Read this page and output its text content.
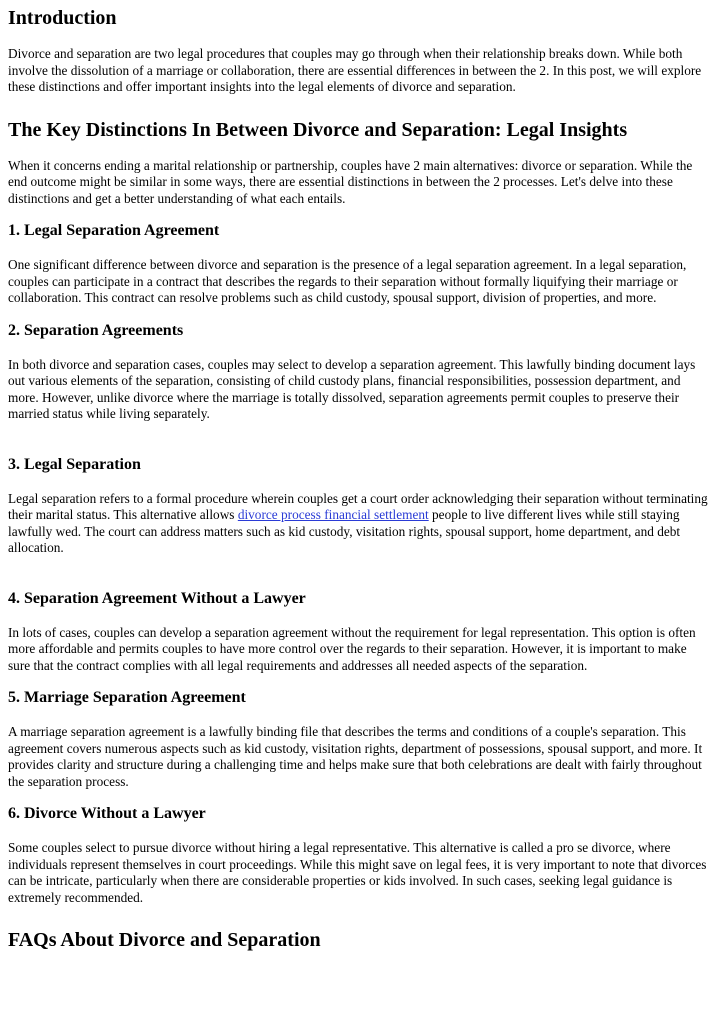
Introduction

Divorce and separation are two legal procedures that couples may go through when their relationship breaks down. While both involve the dissolution of a marriage or collaboration, there are essential differences in between the 2. In this post, we will explore these distinctions and offer important insights into the legal elements of divorce and separation.

The Key Distinctions In Between Divorce and Separation: Legal Insights

When it concerns ending a marital relationship or partnership, couples have 2 main alternatives: divorce or separation. While the end outcome might be similar in some ways, there are essential distinctions in between the 2 processes. Let's delve into these distinctions and get a better understanding of what each entails.

1. Legal Separation Agreement

One significant difference between divorce and separation is the presence of a legal separation agreement. In a legal separation, couples can participate in a contract that describes the regards to their separation without formally liquifying their marriage or collaboration. This contract can resolve problems such as child custody, spousal support, division of properties, and more.

2. Separation Agreements

In both divorce and separation cases, couples may select to develop a separation agreement. This lawfully binding document lays out various elements of the separation, consisting of child custody plans, financial responsibilities, possession department, and more. However, unlike divorce where the marriage is totally dissolved, separation agreements permit couples to preserve their married status while living separately.

3. Legal Separation

Legal separation refers to a formal procedure wherein couples get a court order acknowledging their separation without terminating their marital status. This alternative allows divorce process financial settlement people to live different lives while still staying lawfully wed. The court can address matters such as kid custody, visitation rights, spousal support, home department, and debt allocation.

4. Separation Agreement Without a Lawyer

In lots of cases, couples can develop a separation agreement without the requirement for legal representation. This option is often more affordable and permits couples to have more control over the regards to their separation. However, it is important to make sure that the contract complies with all legal requirements and addresses all needed aspects of the separation.

5. Marriage Separation Agreement

A marriage separation agreement is a lawfully binding file that describes the terms and conditions of a couple's separation. This agreement covers numerous aspects such as kid custody, visitation rights, department of possessions, spousal support, and more. It provides clarity and structure during a challenging time and helps make sure that both celebrations are dealt with fairly throughout the separation process.

6. Divorce Without a Lawyer

Some couples select to pursue divorce without hiring a legal representative. This alternative is called a pro se divorce, where individuals represent themselves in court proceedings. While this might save on legal fees, it is very important to note that divorces can be intricate, particularly when there are considerable properties or kids involved. In such cases, seeking legal guidance is extremely recommended.

FAQs About Divorce and Separation
